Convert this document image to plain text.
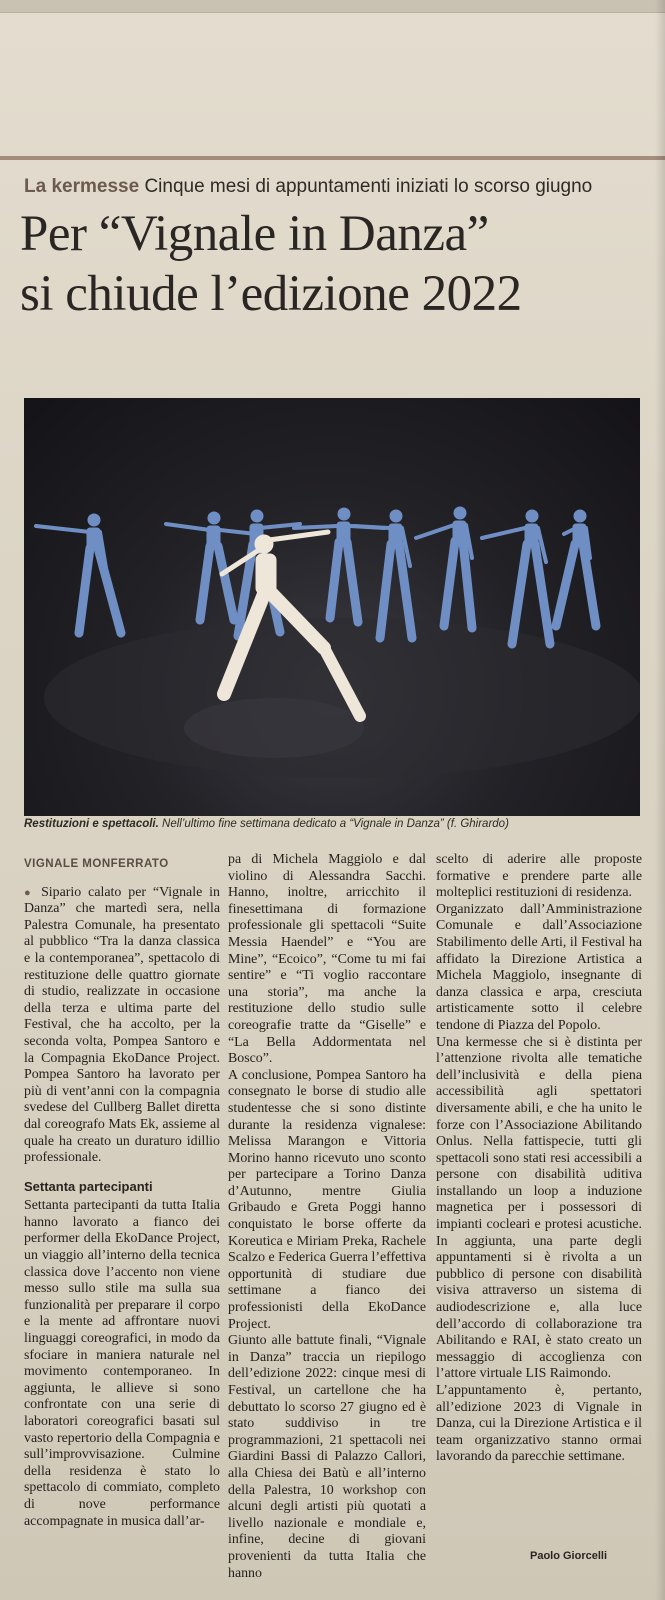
La kermesse Cinque mesi di appuntamenti iniziati lo scorso giugno
Per “Vignale in Danza”
si chiude l’edizione 2022
Restituzioni e spettacoli. Nell’ultimo fine settimana dedicato a “Vignale in Danza” (f. Ghirardo)
VIGNALE MONFERRATO

● Sipario calato per “Vignale in Danza” che martedì sera, nella Palestra Comunale, ha presentato al pubblico “Tra la danza classica e la contemporanea”, spettacolo di restituzione delle quattro giornate di studio, realizzate in occasione della terza e ultima parte del Festival, che ha accolto, per la seconda volta, Pompea Santoro e la Compagnia EkoDance Project. Pompea Santoro ha lavorato per più di vent’anni con la compagnia svedese del Cullberg Ballet diretta dal coreografo Mats Ek, assieme al quale ha creato un duraturo idillio professionale.

Settanta partecipanti

Settanta partecipanti da tutta Italia hanno lavorato a fianco dei performer della EkoDance Project, un viaggio all’interno della tecnica classica dove l’accento non viene messo sullo stile ma sulla sua funzionalità per preparare il corpo e la mente ad affrontare nuovi linguaggi coreografici, in modo da sfociare in maniera naturale nel movimento contemporaneo. In aggiunta, le allieve si sono confrontate con una serie di laboratori coreografici basati sul vasto repertorio della Compagnia e sull’improvvisazione. Culmine della residenza è stato lo spettacolo di commiato, completo di nove performance accompagnate in musica dall’ar-

pa di Michela Maggiolo e dal violino di Alessandra Sacchi. Hanno, inoltre, arricchito il finesettimana di formazione professionale gli spettacoli “Suite Messia Haendel” e “You are Mine”, “Ecoico”, “Come tu mi fai sentire” e “Ti voglio raccontare una storia”, ma anche la restituzione dello studio sulle coreografie tratte da “Giselle” e “La Bella Addormentata nel Bosco”.

A conclusione, Pompea Santoro ha consegnato le borse di studio alle studentesse che si sono distinte durante la residenza vignalese: Melissa Marangon e Vittoria Morino hanno ricevuto uno sconto per partecipare a Torino Danza d’Autunno, mentre Giulia Gribaudo e Greta Poggi hanno conquistato le borse offerte da Koreutica e Miriam Preka, Rachele Scalzo e Federica Guerra l’effettiva opportunità di studiare due settimane a fianco dei professionisti della EkoDance Project.

Giunto alle battute finali, “Vignale in Danza” traccia un riepilogo dell’edizione 2022: cinque mesi di Festival, un cartellone che ha debuttato lo scorso 27 giugno ed è stato suddiviso in tre programmazioni, 21 spettacoli nei Giardini Bassi di Palazzo Callori, alla Chiesa dei Batù e all’interno della Palestra, 10 workshop con alcuni degli artisti più quotati a livello nazionale e mondiale e, infine, decine di giovani provenienti da tutta Italia che hanno

scelto di aderire alle proposte formative e prendere parte alle molteplici restituzioni di residenza.

Organizzato dall’Amministrazione Comunale e dall’Associazione Stabilimento delle Arti, il Festival ha affidato la Direzione Artistica a Michela Maggiolo, insegnante di danza classica e arpa, cresciuta artisticamente sotto il celebre tendone di Piazza del Popolo.

Una kermesse che si è distinta per l’attenzione rivolta alle tematiche dell’inclusività e della piena accessibilità agli spettatori diversamente abili, e che ha unito le forze con l’Associazione Abilitando Onlus. Nella fattispecie, tutti gli spettacoli sono stati resi accessibili a persone con disabilità uditiva installando un loop a induzione magnetica per i possessori di impianti cocleari e protesi acustiche. In aggiunta, una parte degli appuntamenti si è rivolta a un pubblico di persone con disabilità visiva attraverso un sistema di audiodescrizione e, alla luce dell’accordo di collaborazione tra Abilitando e RAI, è stato creato un messaggio di accoglienza con l’attore virtuale LIS Raimondo.

L’appuntamento è, pertanto, all’edizione 2023 di Vignale in Danza, cui la Direzione Artistica e il team organizzativo stanno ormai lavorando da parecchie settimane.

Paolo Giorcelli
